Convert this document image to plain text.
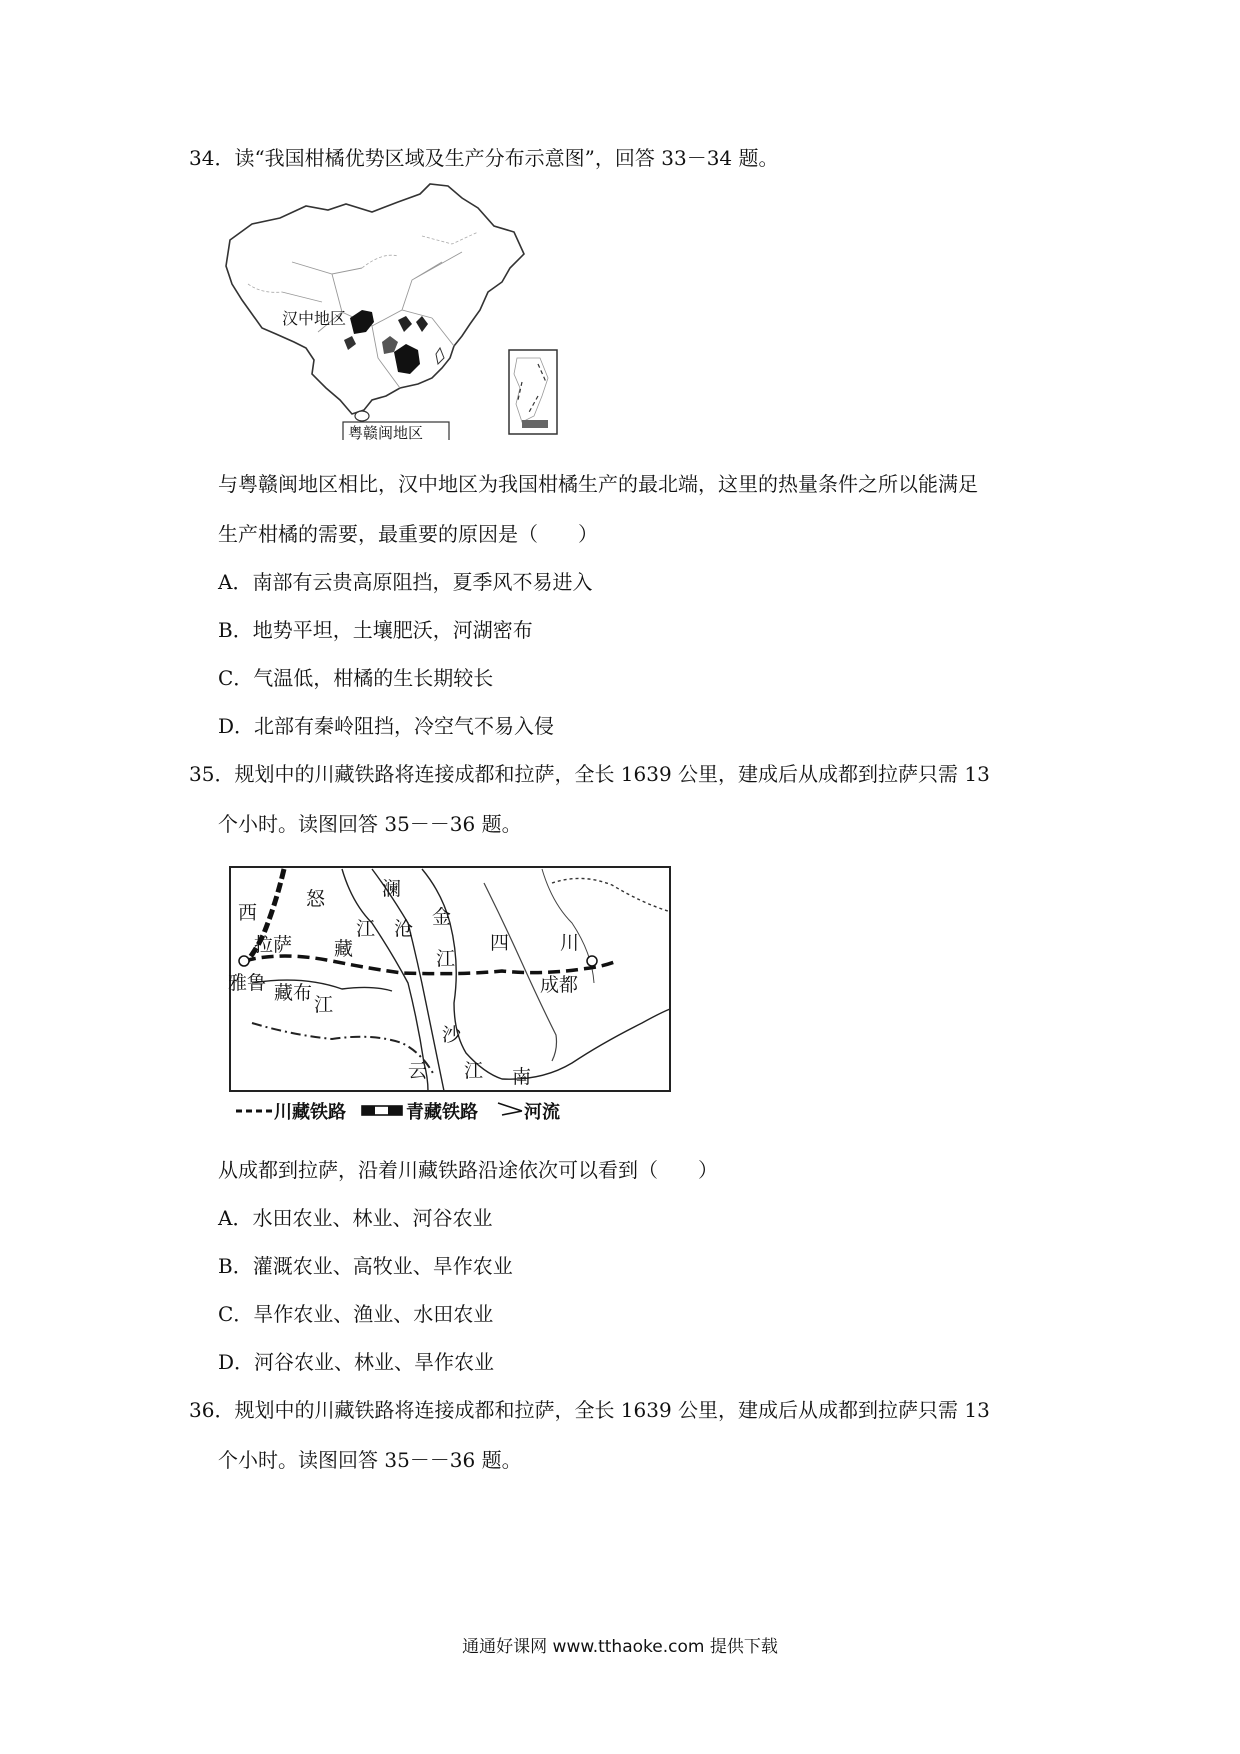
34．读“我国柑橘优势区域及生产分布示意图”，回答 33－34 题。
汉中地区
粤赣闽地区
与粤赣闽地区相比，汉中地区为我国柑橘生产的最北端，这里的热量条件之所以能满足
生产柑橘的需要，最重要的原因是（　　）
A．南部有云贵高原阻挡，夏季风不易进入
B．地势平坦，土壤肥沃，河湖密布
C．气温低，柑橘的生长期较长
D．北部有秦岭阻挡，冷空气不易入侵
35．规划中的川藏铁路将连接成都和拉萨，全长 1639 公里，建成后从成都到拉萨只需 13
个小时。读图回答 35－－36 题。
西
怒	澜
江 沧
金
拉萨 藏	江
四	川
成都
雅鲁 藏布
江
沙
云 江 南
川藏铁路	青藏铁路	河流
从成都到拉萨，沿着川藏铁路沿途依次可以看到（　　）
A．水田农业、林业、河谷农业
B．灌溉农业、高牧业、旱作农业
C．旱作农业、渔业、水田农业
D．河谷农业、林业、旱作农业
36．规划中的川藏铁路将连接成都和拉萨，全长 1639 公里，建成后从成都到拉萨只需 13
个小时。读图回答 35－－36 题。
通通好课网 www.tthaoke.com 提供下载
